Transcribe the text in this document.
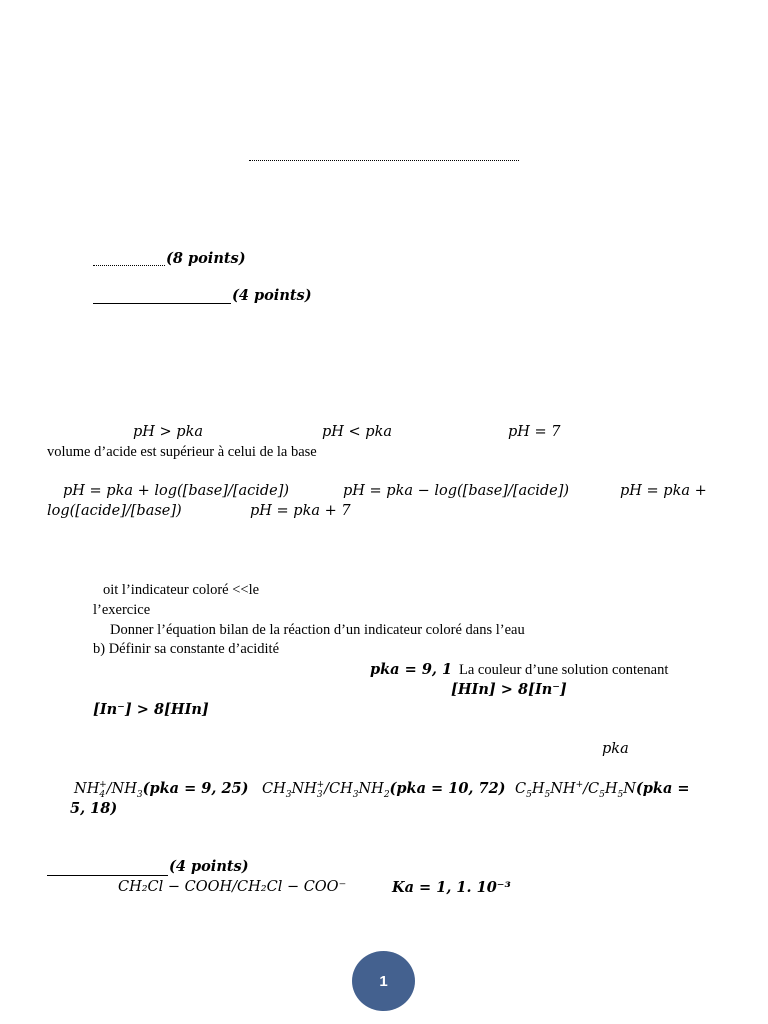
(8 points)
(4 points)
pH > pka	pH < pka	pH = 7
volume d’acide est supérieur à celui de la base
pH = pka + log([base]/[acide])	pH = pka − log([base]/[acide])	pH = pka +
log([acide]/[base])	pH = pka + 7
oit l’indicateur coloré <<le
l’exercice
Donner l’équation bilan de la réaction d’un indicateur coloré dans l’eau
b) Définir sa constante d’acidité
pka = 9, 1 La couleur d’une solution contenant
[HIn] > 8[In⁻]
[In⁻] > 8[HIn]
pka
$NH_4^+/NH_3(pka = 9$, 25) $CH_3NH_3^+/CH_3NH_2(pka = 10$, 72) $C_5H_5NH^+/C_5H_5N(pka$ =
5, 18)
(4 points)
CH₂Cl − COOH/CH₂Cl − COO⁻	Ka = 1, 1. 10⁻³
1
